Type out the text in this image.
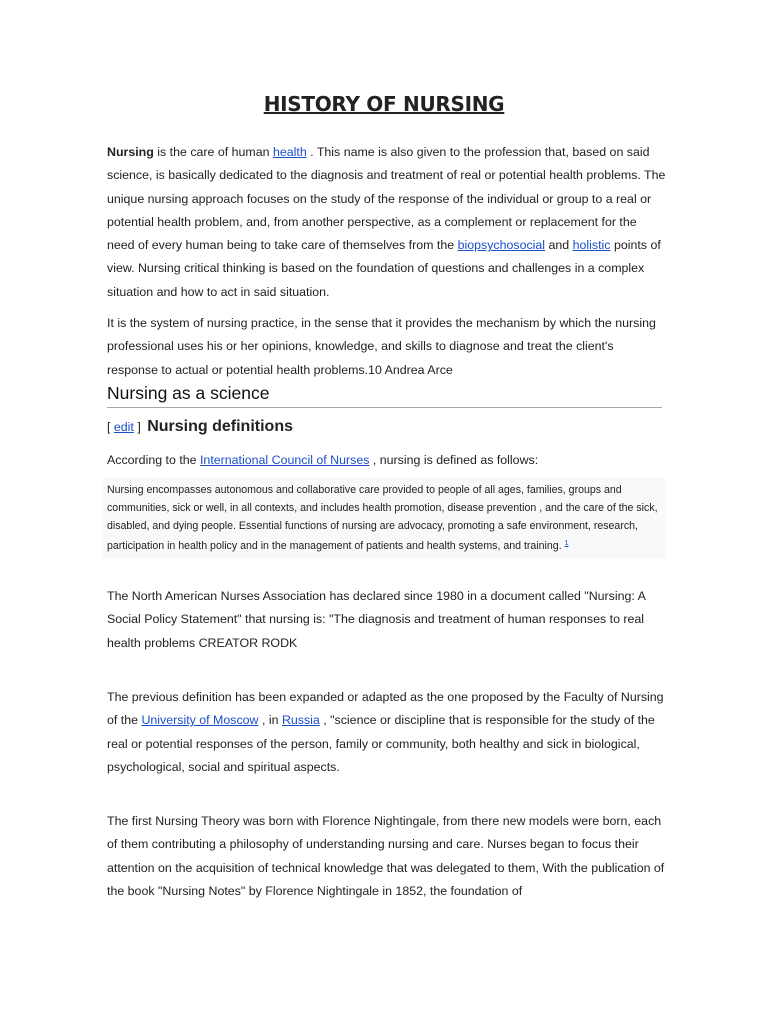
HISTORY OF NURSING

Nursing is the care of human health . This name is also given to the profession that, based on said science, is basically dedicated to the diagnosis and treatment of real or potential health problems. The unique nursing approach focuses on the study of the response of the individual or group to a real or potential health problem, and, from another perspective, as a complement or replacement for the need of every human being to take care of themselves from the biopsychosocial and holistic points of view. Nursing critical thinking is based on the foundation of questions and challenges in a complex situation and how to act in said situation.

It is the system of nursing practice, in the sense that it provides the mechanism by which the nursing professional uses his or her opinions, knowledge, and skills to diagnose and treat the client's response to actual or potential health problems.10 Andrea Arce

Nursing as a science
[ edit ] Nursing definitions

According to the International Council of Nurses , nursing is defined as follows:

Nursing encompasses autonomous and collaborative care provided to people of all ages, families, groups and communities, sick or well, in all contexts, and includes health promotion, disease prevention , and the care of the sick, disabled, and dying people. Essential functions of nursing are advocacy, promoting a safe environment, research, participation in health policy and in the management of patients and health systems, and training. $^1$

The North American Nurses Association has declared since 1980 in a document called "Nursing: A Social Policy Statement" that nursing is: "The diagnosis and treatment of human responses to real health problems CREATOR RODK

The previous definition has been expanded or adapted as the one proposed by the Faculty of Nursing of the University of Moscow , in Russia , "science or discipline that is responsible for the study of the real or potential responses of the person, family or community, both healthy and sick in biological, psychological, social and spiritual aspects.

The first Nursing Theory was born with Florence Nightingale, from there new models were born, each of them contributing a philosophy of understanding nursing and care. Nurses began to focus their attention on the acquisition of technical knowledge that was delegated to them, With the publication of the book "Nursing Notes" by Florence Nightingale in 1852, the foundation of
